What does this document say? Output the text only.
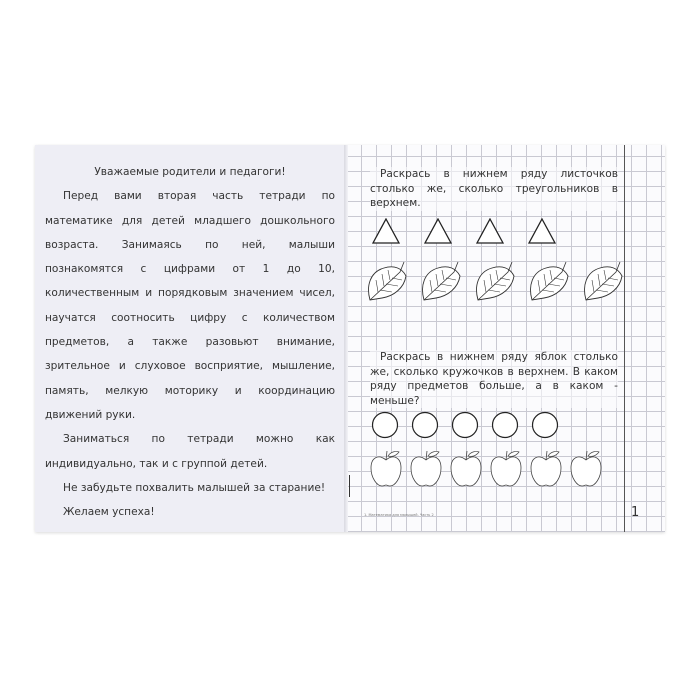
Уважаемые родители и педагоги!

Перед вами вторая часть тетради по математике для детей младшего дошкольного возраста. Занимаясь по ней, малыши познакомятся с цифрами от 1 до 10, количественным и порядковым значением чисел, научатся соотносить цифру с количеством предметов, а также разовьют внимание, зрительное и слуховое восприятие, мышление, память, мелкую моторику и координацию движений руки.

Заниматься по тетради можно как индивидуально, так и с группой детей.

Не забудьте похвалить малышей за старание!

Желаем успеха!

Раскрась в нижнем ряду листочков столько же, сколько треугольников в верхнем.
Раскрась в нижнем ряду яблок столько же, сколько кружочков в верхнем. В каком ряду предметов больше, а в каком - меньше?
1. Математика для малышей. Часть 2	1
